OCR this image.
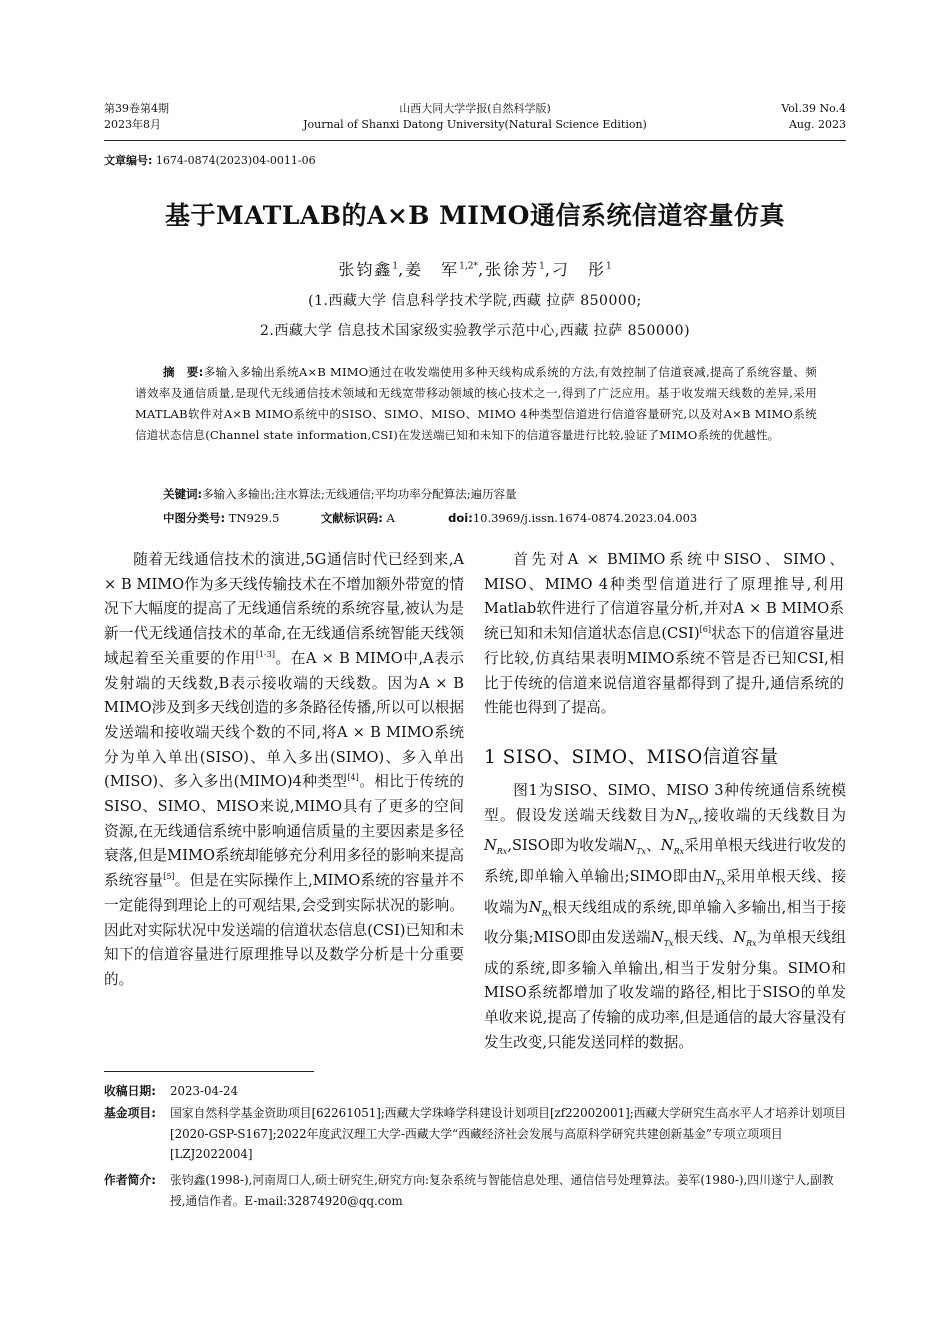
第39卷第4期
2023年8月
山西大同大学学报(自然科学版)
Journal of Shanxi Datong University(Natural Science Edition)
Vol.39 No.4
Aug. 2023
文章编号: 1674-0874(2023)04-0011-06
基于MATLAB的A×B MIMO通信系统信道容量仿真
张钧鑫$^1$,姜　军$^{1,2*}$,张徐芳$^1$,刁　彤$^1$
(1.西藏大学 信息科学技术学院,西藏 拉萨 850000;
2.西藏大学 信息技术国家级实验教学示范中心,西藏 拉萨 850000)
摘　要:多输入多输出系统A×B MIMO通过在收发端使用多种天线构成系统的方法,有效控制了信道衰减,提高了系统容量、频谱效率及通信质量,是现代无线通信技术领域和无线宽带移动领域的核心技术之一,得到了广泛应用。基于收发端天线数的差异,采用MATLAB软件对A×B MIMO系统中的SISO、SIMO、MISO、MIMO 4种类型信道进行信道容量研究,以及对A×B MIMO系统信道状态信息(Channel state information,CSI)在发送端已知和未知下的信道容量进行比较,验证了MIMO系统的优越性。
关键词:多输入多输出;注水算法;无线通信;平均功率分配算法;遍历容量
中图分类号: TN929.5	文献标识码: A	doi:10.3969/j.issn.1674-0874.2023.04.003

随着无线通信技术的演进,5G通信时代已经到来,A × B MIMO作为多天线传输技术在不增加额外带宽的情况下大幅度的提高了无线通信系统的系统容量,被认为是新一代无线通信技术的革命,在无线通信系统智能天线领域起着至关重要的作用[1-3]。在A × B MIMO中,A表示发射端的天线数,B表示接收端的天线数。因为A × B MIMO涉及到多天线创造的多条路径传播,所以可以根据发送端和接收端天线个数的不同,将A × B MIMO系统分为单入单出(SISO)、单入多出(SIMO)、多入单出(MISO)、多入多出(MIMO)4种类型[4]。相比于传统的SISO、SIMO、MISO来说,MIMO具有了更多的空间资源,在无线通信系统中影响通信质量的主要因素是多径衰落,但是MIMO系统却能够充分利用多径的影响来提高系统容量[5]。但是在实际操作上,MIMO系统的容量并不一定能得到理论上的可观结果,会受到实际状况的影响。因此对实际状况中发送端的信道状态信息(CSI)已知和未知下的信道容量进行原理推导以及数学分析是十分重要的。

首先对A × BMIMO系统中SISO、SIMO、MISO、MIMO 4种类型信道进行了原理推导,利用Matlab软件进行了信道容量分析,并对A × B MIMO系统已知和未知信道状态信息(CSI)[6]状态下的信道容量进行比较,仿真结果表明MIMO系统不管是否已知CSI,相比于传统的信道来说信道容量都得到了提升,通信系统的性能也得到了提高。

1 SISO、SIMO、MISO信道容量

图1为SISO、SIMO、MISO 3种传统通信系统模型。假设发送端天线数目为$N_{Tx}$,接收端的天线数目为$N_{Rx},SISO$即为收发端$N_{Tx}$、$N_{Rx}$采用单根天线进行收发的系统,即单输入单输出;SIMO即由$N_{Tx}$采用单根天线、接收端为$N_{Rx}$根天线组成的系统,即单输入多输出,相当于接收分集;MISO即由发送端$N_{Tx}$根天线、$N_{Rx}$为单根天线组成的系统,即多输入单输出,相当于发射分集。SIMO和MISO系统都增加了收发端的路径,相比于SISO的单发单收来说,提高了传输的成功率,但是通信的最大容量没有发生改变,只能发送同样的数据。

收稿日期: 2023-04-24
基金项目: 国家自然科学基金资助项目[62261051];西藏大学珠峰学科建设计划项目[zf22002001];西藏大学研究生高水平人才培养计划项目[2020-GSP-S167];2022年度武汉理工大学-西藏大学“西藏经济社会发展与高原科学研究共建创新基金”专项立项项目[LZJ2022004]
作者简介: 张钧鑫(1998-),河南周口人,硕士研究生,研究方向:复杂系统与智能信息处理、通信信号处理算法。姜军(1980-),四川遂宁人,副教授,通信作者。E-mail:32874920@qq.com
